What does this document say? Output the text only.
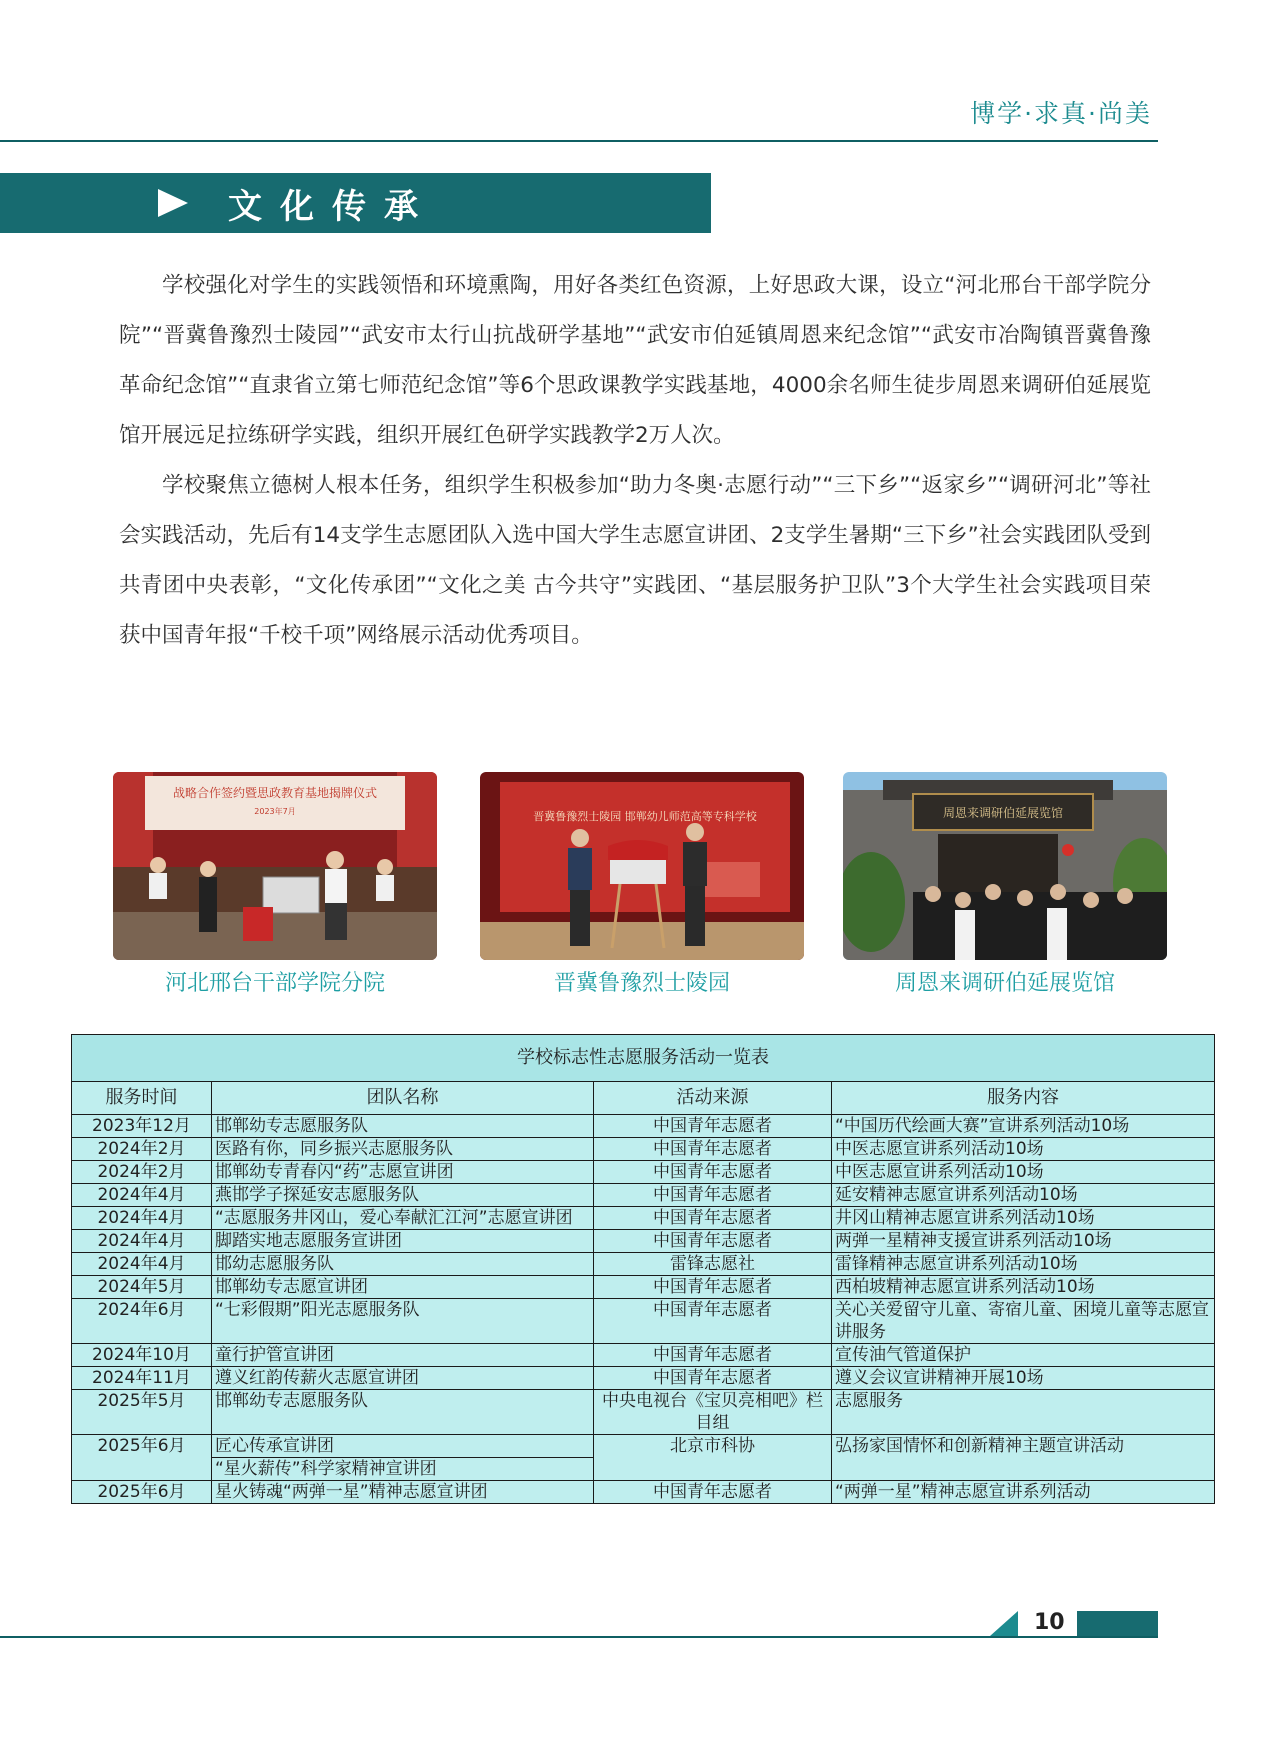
博学·求真·尚美
文化传承

学校强化对学生的实践领悟和环境熏陶，用好各类红色资源，上好思政大课，设立“河北邢台干部学院分院”“晋冀鲁豫烈士陵园”“武安市太行山抗战研学基地”“武安市伯延镇周恩来纪念馆”“武安市冶陶镇晋冀鲁豫革命纪念馆”“直隶省立第七师范纪念馆”等6个思政课教学实践基地，4000余名师生徒步周恩来调研伯延展览馆开展远足拉练研学实践，组织开展红色研学实践教学2万人次。

学校聚焦立德树人根本任务，组织学生积极参加“助力冬奥·志愿行动”“三下乡”“返家乡”“调研河北”等社会实践活动，先后有14支学生志愿团队入选中国大学生志愿宣讲团、2支学生暑期“三下乡”社会实践团队受到共青团中央表彰，“文化传承团”“文化之美 古今共守”实践团、“基层服务护卫队”3个大学生社会实践项目荣获中国青年报“千校千项”网络展示活动优秀项目。

战略合作签约暨思政教育基地揭牌仪式
2023年7月
河北邢台干部学院分院
晋冀鲁豫烈士陵园 邯郸幼儿师范高等专科学校
晋冀鲁豫烈士陵园
周恩来调研伯延展览馆
周恩来调研伯延展览馆
学校标志性志愿服务活动一览表			
服务时间	团队名称	活动来源	服务内容
2023年12月	邯郸幼专志愿服务队	中国青年志愿者	“中国历代绘画大赛”宣讲系列活动10场
2024年2月	医路有你，同乡振兴志愿服务队	中国青年志愿者	中医志愿宣讲系列活动10场
2024年2月	邯郸幼专青春闪“药”志愿宣讲团	中国青年志愿者	中医志愿宣讲系列活动10场
2024年4月	燕邯学子探延安志愿服务队	中国青年志愿者	延安精神志愿宣讲系列活动10场
2024年4月	“志愿服务井冈山，爱心奉献汇江河”志愿宣讲团	中国青年志愿者	井冈山精神志愿宣讲系列活动10场
2024年4月	脚踏实地志愿服务宣讲团	中国青年志愿者	两弹一星精神支援宣讲系列活动10场
2024年4月	邯幼志愿服务队	雷锋志愿社	雷锋精神志愿宣讲系列活动10场
2024年5月	邯郸幼专志愿宣讲团	中国青年志愿者	西柏坡精神志愿宣讲系列活动10场
2024年6月	“七彩假期”阳光志愿服务队	中国青年志愿者	关心关爱留守儿童、寄宿儿童、困境儿童等志愿宣讲服务
2024年10月	童行护管宣讲团	中国青年志愿者	宣传油气管道保护
2024年11月	遵义红韵传薪火志愿宣讲团	中国青年志愿者	遵义会议宣讲精神开展10场
2025年5月	邯郸幼专志愿服务队	中央电视台《宝贝亮相吧》栏目组	志愿服务
2025年6月	匠心传承宣讲团	北京市科协	弘扬家国情怀和创新精神主题宣讲活动
	“星火薪传”科学家精神宣讲团		
2025年6月	星火铸魂“两弹一星”精神志愿宣讲团	中国青年志愿者	“两弹一星”精神志愿宣讲系列活动
10
